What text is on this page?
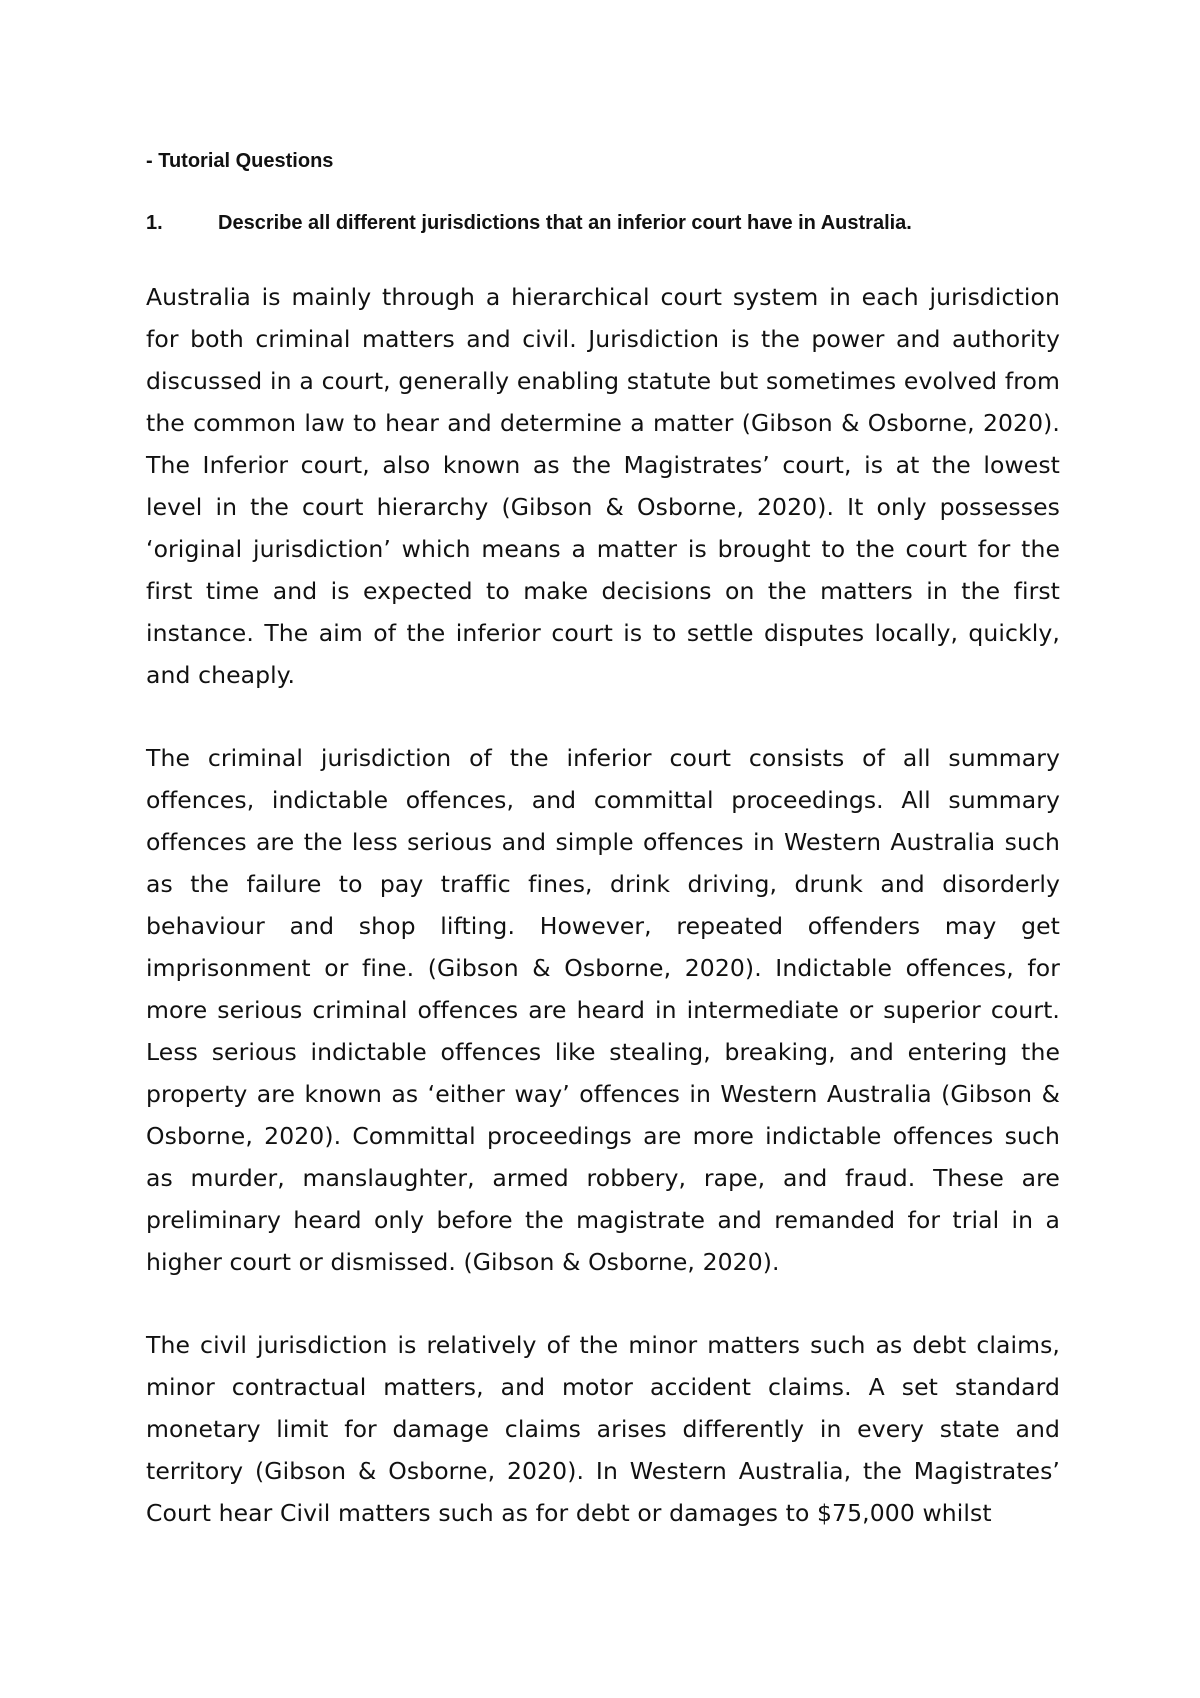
- Tutorial Questions

1.	Describe all different jurisdictions that an inferior court have in Australia.

Australia is mainly through a hierarchical court system in each jurisdiction for both criminal matters and civil. Jurisdiction is the power and authority discussed in a court, generally enabling statute but sometimes evolved from the common law to hear and determine a matter (Gibson & Osborne, 2020). The Inferior court, also known as the Magistrates’ court, is at the lowest level in the court hierarchy (Gibson & Osborne, 2020). It only possesses ‘original jurisdiction’ which means a matter is brought to the court for the first time and is expected to make decisions on the matters in the first instance. The aim of the inferior court is to settle disputes locally, quickly, and cheaply.

The criminal jurisdiction of the inferior court consists of all summary offences, indictable offences, and committal proceedings. All summary offences are the less serious and simple offences in Western Australia such as the failure to pay traffic fines, drink driving, drunk and disorderly behaviour and shop lifting. However, repeated offenders may get imprisonment or fine. (Gibson & Osborne, 2020). Indictable offences, for more serious criminal offences are heard in intermediate or superior court. Less serious indictable offences like stealing, breaking, and entering the property are known as ‘either way’ offences in Western Australia (Gibson & Osborne, 2020). Committal proceedings are more indictable offences such as murder, manslaughter, armed robbery, rape, and fraud. These are preliminary heard only before the magistrate and remanded for trial in a higher court or dismissed. (Gibson & Osborne, 2020).

The civil jurisdiction is relatively of the minor matters such as debt claims, minor contractual matters, and motor accident claims. A set standard monetary limit for damage claims arises differently in every state and territory (Gibson & Osborne, 2020). In Western Australia, the Magistrates’ Court hear Civil matters such as for debt or damages to $75,000 whilst
